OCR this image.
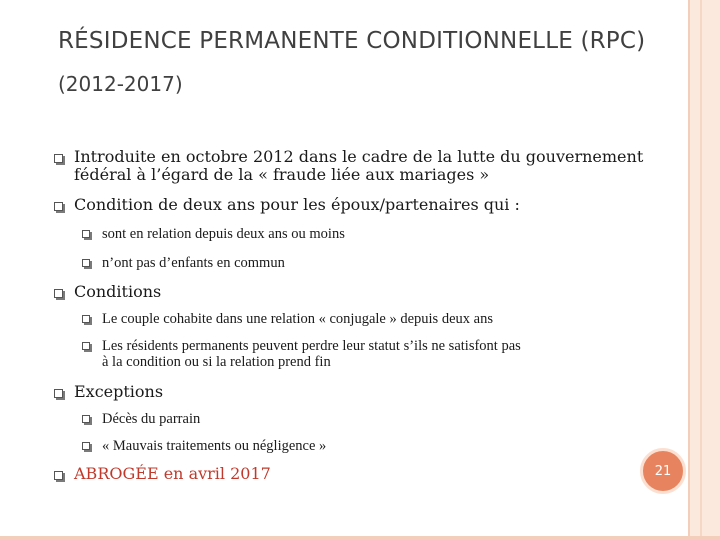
RÉSIDENCE PERMANENTE CONDITIONNELLE (RPC)
(2012-2017)
Introduite en octobre 2012 dans le cadre de la lutte du gouvernement
fédéral à l’égard de la « fraude liée aux mariages »
Condition de deux ans pour les époux/partenaires qui :
sont en relation depuis deux ans ou moins
n’ont pas d’enfants en commun
Conditions
Le couple cohabite dans une relation « conjugale » depuis deux ans
Les résidents permanents peuvent perdre leur statut s’ils ne satisfont pas
à la condition ou si la relation prend fin
Exceptions
Décès du parrain
« Mauvais traitements ou négligence »
ABROGÉE en avril 2017	21
